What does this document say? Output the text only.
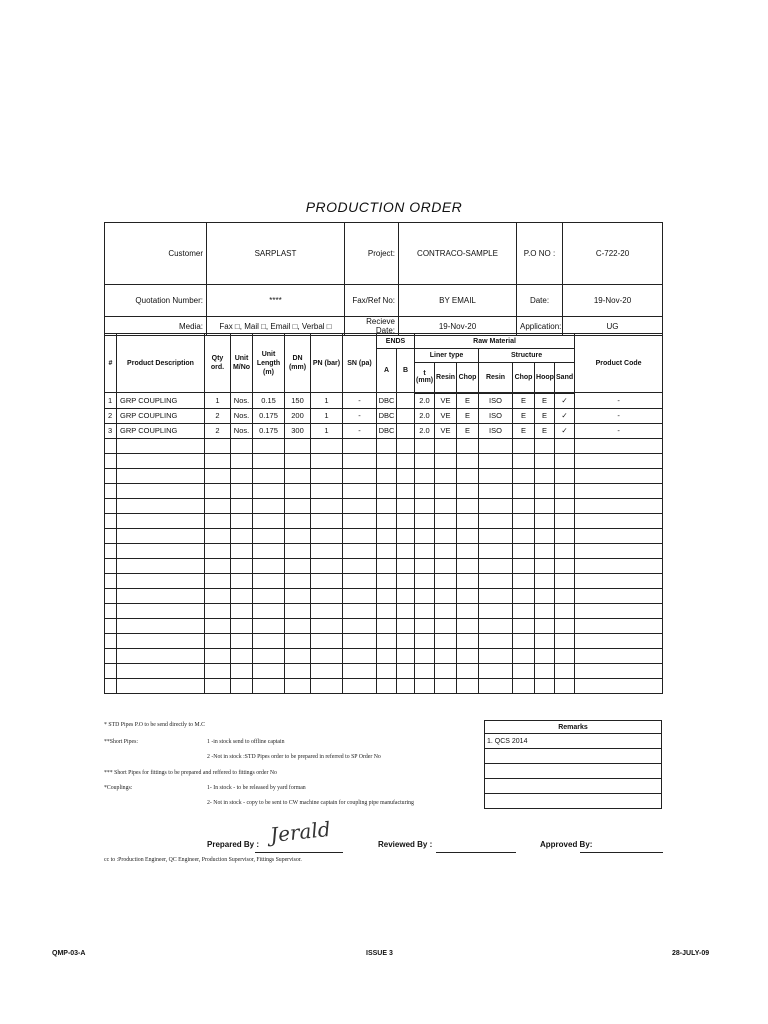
PRODUCTION ORDER
Customer	SARPLAST	Project:	CONTRACO-SAMPLE	P.O NO :	C-722-20
Quotation Number:	****	Fax/Ref No:	BY EMAIL	Date:	19-Nov-20
Media:	Fax □, Mail □, Email □, Verbal □	Recieve Date:	19-Nov-20	Application:	UG
#	Product Description	Qty ord.	Unit M/No	Unit Length (m)	DN (mm)	PN (bar)	SN (pa)	ENDS		Raw Material							Product Code
								A	B	Liner type			Structure				
										t (mm)	Resin	Chop	Resin	Chop	Hoop	Sand	
1	GRP COUPLING	1	Nos.	0.15	150	1	-	DBC		2.0	VE	E	ISO	E	E	✓	-
2	GRP COUPLING	2	Nos.	0.175	200	1	-	DBC		2.0	VE	E	ISO	E	E	✓	-
3	GRP COUPLING	2	Nos.	0.175	300	1	-	DBC		2.0	VE	E	ISO	E	E	✓	-

* STD Pipes P.O to be send directly to M.C
**Short Pipes:	1 -in stock send to offline captain
2 -Not in stock :STD Pipes order to be prepared in referred to SP Order No
*** Short Pipes for fittings to be prepared and reffered to fittings order No
*Couplings:	1- In stock - to be released by yard forman
2- Not in stock - copy to be sent to CW machine captain for coupling pipe manufacturing
Remarks
1. QCS 2014

Prepared By : Jerald	Reviewed By :	Approved By:
cc to :Production Engineer, QC Engineer, Production Supervisor, Fittings Supervisor.
QMP-03-A	ISSUE 3	28-JULY-09
